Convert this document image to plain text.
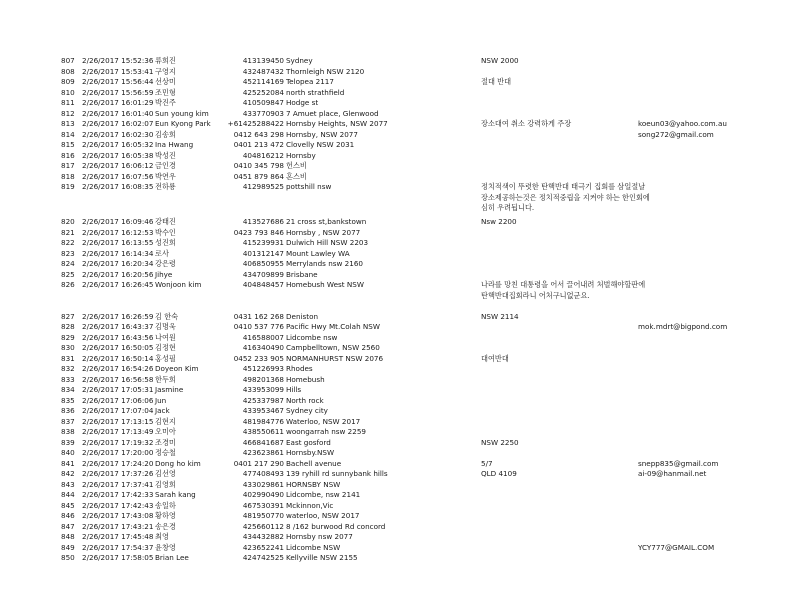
807 2/26/2017 15:52:36 류희진	413139450 Sydney	NSW 2000
808 2/26/2017 15:53:41 구영지	432487432 Thornleigh NSW 2120
809 2/26/2017 15:56:44 선상미	452114169 Telopea 2117	절대 반대
810 2/26/2017 15:56:59 조민형	425252084 north strathfield
811 2/26/2017 16:01:29 박진주	410509847 Hodge st
812 2/26/2017 16:01:40 Sun young kim	433770903 7 Amuet place, Glenwood
813 2/26/2017 16:02:07 Eun Kyong Park	+61425288422 Hornsby Heights, NSW 2077	장소대여 취소 강력하게 주장	koeun03@yahoo.com.au
814 2/26/2017 16:02:30 김송희	0412 643 298 Hornsby, NSW 2077	song272@gmail.com
815 2/26/2017 16:05:32 Ina Hwang	0401 213 472 Clovelly NSW 2031
816 2/26/2017 16:05:38 박성진	404816212 Hornsby
817 2/26/2017 16:06:12 금인경	0410 345 798 헌스비
818 2/26/2017 16:07:56 박연우	0451 879 864 혼스비
819 2/26/2017 16:08:35 전하룡	412989525 pottshill nsw	정치적색이 뚜렷한 탄핵반대 태극기 집회를 삼일절날 장소제공하는것은 정치적중립을 지켜야 하는 한인회에 심히 우려됩니다.
820 2/26/2017 16:09:46 강태진	413527686 21 cross st,bankstown	Nsw 2200
821 2/26/2017 16:12:53 박수인	0423 793 846 Hornsby , NSW 2077
822 2/26/2017 16:13:55 성진희	415239931 Dulwich Hill NSW 2203
823 2/26/2017 16:14:34 로사	401312147 Mount Lawley WA
824 2/26/2017 16:20:34 강은령	406850955 Merrylands nsw 2160
825 2/26/2017 16:20:56 Jihye	434709899 Brisbane
826 2/26/2017 16:26:45 Wonjoon kim	404848457 Homebush West NSW	나라를 망친 대통령을 어서 끌어내려 처벌해야할판에 탄핵반대집회라니 어처구니없군요.
827 2/26/2017 16:26:59 김 한숙	0431 162 268 Deniston	NSW 2114
828 2/26/2017 16:43:37 김명욱	0410 537 776 Pacific Hwy Mt.Colah NSW	mok.mdrt@bigpond.com
829 2/26/2017 16:43:56 나여원	416588007 Lidcombe nsw
830 2/26/2017 16:50:05 김정현	416340490 Campbelltown, NSW 2560
831 2/26/2017 16:50:14 홍성필	0452 233 905 NORMANHURST NSW 2076	대여반대
832 2/26/2017 16:54:26 Doyeon Kim	451226993 Rhodes
833 2/26/2017 16:56:58 한두희	498201368 Homebush
834 2/26/2017 17:05:31 Jasmine	433953099 Hills
835 2/26/2017 17:06:06 Jun	425337987 North rock
836 2/26/2017 17:07:04 Jack	433953467 Sydney city
837 2/26/2017 17:13:15 김현지	481984776 Waterloo, NSW 2017
838 2/26/2017 17:13:49 오미아	438550611 woongarrah nsw 2259
839 2/26/2017 17:19:32 조경미	466841687 East gosford	NSW 2250
840 2/26/2017 17:20:00 정승철	423623861 Hornsby.NSW
841 2/26/2017 17:24:20 Dong ho kim	0401 217 290 Bachell avenue	5/7	snepp835@gmail.com
842 2/26/2017 17:37:26 김선영	477408493 139 ryhill rd sunnybank hills	QLD 4109	ai-09@hanmail.net
843 2/26/2017 17:37:41 김영희	433029861 HORNSBY NSW
844 2/26/2017 17:42:33 Sarah kang	402990490 Lidcombe, nsw 2141
845 2/26/2017 17:42:43 송일하	467530391 Mckinnon,Vic
846 2/26/2017 17:43:08 황하영	481950770 waterloo, NSW 2017
847 2/26/2017 17:43:21 송은경	425660112 8 /162 burwood Rd concord
848 2/26/2017 17:45:48 최영	434432882 Hornsby nsw 2077
849 2/26/2017 17:54:37 윤창영	423652241 Lidcombe NSW	YCY777@GMAIL.COM
850 2/26/2017 17:58:05 Brian Lee	424742525 Kellyville NSW 2155
